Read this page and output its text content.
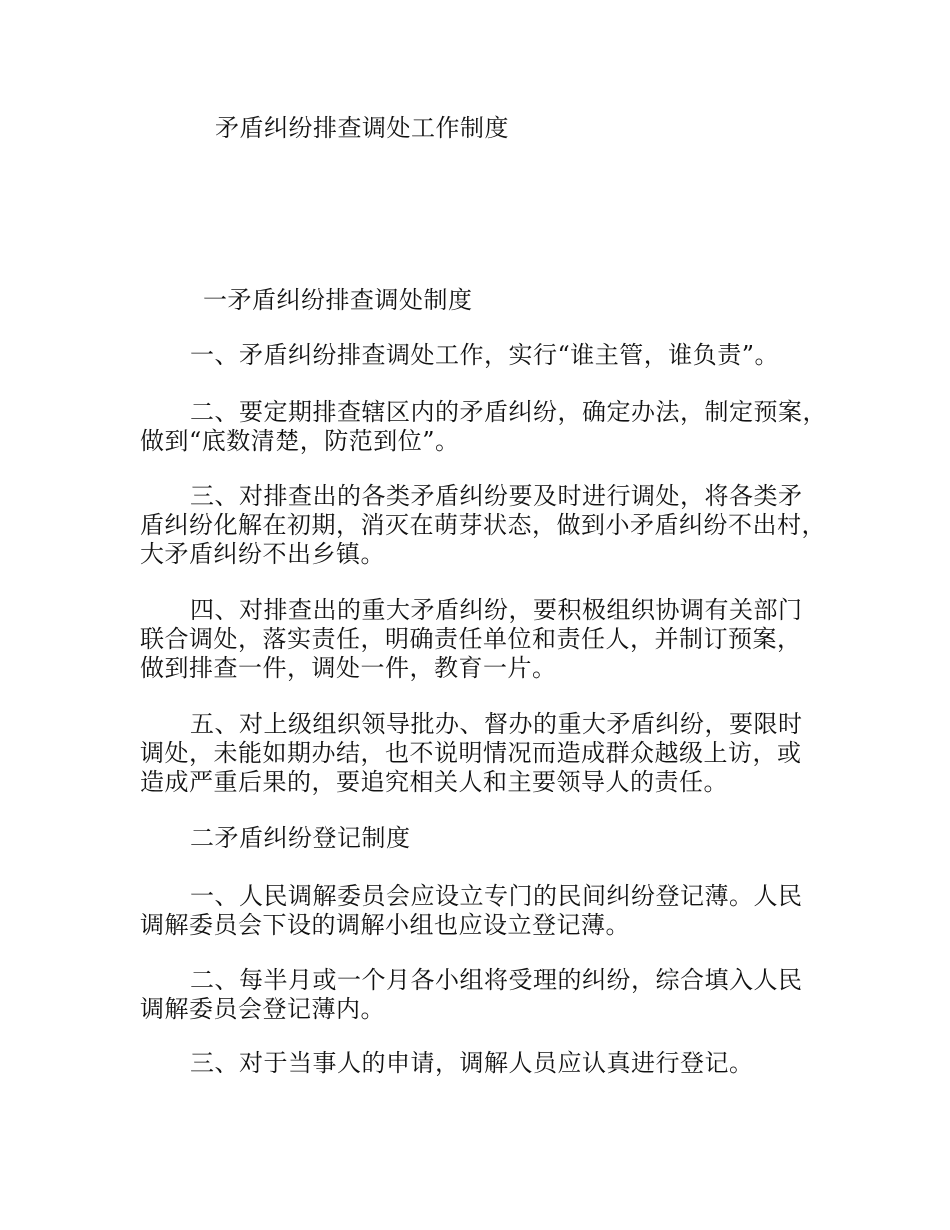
矛盾纠纷排查调处工作制度
一矛盾纠纷排查调处制度
一、矛盾纠纷排查调处工作，实行“谁主管，谁负责”。
二、要定期排查辖区内的矛盾纠纷，确定办法，制定预案，
做到“底数清楚，防范到位”。
三、对排查出的各类矛盾纠纷要及时进行调处，将各类矛
盾纠纷化解在初期，消灭在萌芽状态，做到小矛盾纠纷不出村，
大矛盾纠纷不出乡镇。
四、对排查出的重大矛盾纠纷，要积极组织协调有关部门
联合调处，落实责任，明确责任单位和责任人，并制订预案，
做到排查一件，调处一件，教育一片。
五、对上级组织领导批办、督办的重大矛盾纠纷，要限时
调处，未能如期办结，也不说明情况而造成群众越级上访，或
造成严重后果的，要追究相关人和主要领导人的责任。
二矛盾纠纷登记制度
一、人民调解委员会应设立专门的民间纠纷登记薄。人民
调解委员会下设的调解小组也应设立登记薄。
二、每半月或一个月各小组将受理的纠纷，综合填入人民
调解委员会登记薄内。
三、对于当事人的申请，调解人员应认真进行登记。
